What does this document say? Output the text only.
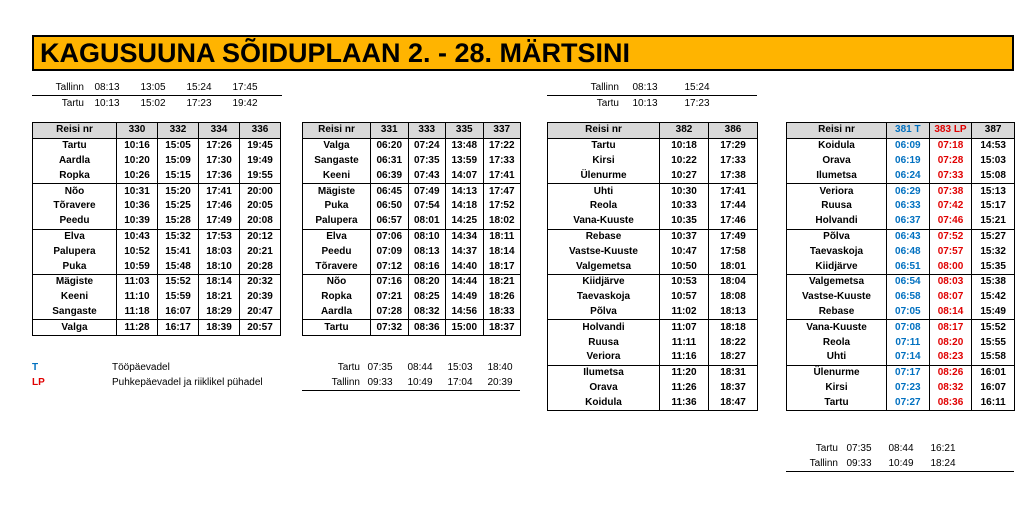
KAGUSUUNA SÕIDUPLAAN 2. - 28. MÄRTSINI
Tallinn	08:13	13:05	15:24	17:45
Tartu	10:13	15:02	17:23	19:42
Tallinn	08:13	15:24
Tartu	10:13	17:23
Reisi nr	330	332	334	336
Tartu	10:16	15:05	17:26	19:45
Aardla	10:20	15:09	17:30	19:49
Ropka	10:26	15:15	17:36	19:55
Nõo	10:31	15:20	17:41	20:00
Tõravere	10:36	15:25	17:46	20:05
Peedu	10:39	15:28	17:49	20:08
Elva	10:43	15:32	17:53	20:12
Palupera	10:52	15:41	18:03	20:21
Puka	10:59	15:48	18:10	20:28
Mägiste	11:03	15:52	18:14	20:32
Keeni	11:10	15:59	18:21	20:39
Sangaste	11:18	16:07	18:29	20:47
Valga	11:28	16:17	18:39	20:57
Reisi nr	331	333	335	337
Valga	06:20	07:24	13:48	17:22
Sangaste	06:31	07:35	13:59	17:33
Keeni	06:39	07:43	14:07	17:41
Mägiste	06:45	07:49	14:13	17:47
Puka	06:50	07:54	14:18	17:52
Palupera	06:57	08:01	14:25	18:02
Elva	07:06	08:10	14:34	18:11
Peedu	07:09	08:13	14:37	18:14
Tõravere	07:12	08:16	14:40	18:17
Nõo	07:16	08:20	14:44	18:21
Ropka	07:21	08:25	14:49	18:26
Aardla	07:28	08:32	14:56	18:33
Tartu	07:32	08:36	15:00	18:37
Reisi nr	382	386
Tartu	10:18	17:29
Kirsi	10:22	17:33
Ülenurme	10:27	17:38
Uhti	10:30	17:41
Reola	10:33	17:44
Vana-Kuuste	10:35	17:46
Rebase	10:37	17:49
Vastse-Kuuste	10:47	17:58
Valgemetsa	10:50	18:01
Kiidjärve	10:53	18:04
Taevaskoja	10:57	18:08
Põlva	11:02	18:13
Holvandi	11:07	18:18
Ruusa	11:11	18:22
Veriora	11:16	18:27
Ilumetsa	11:20	18:31
Orava	11:26	18:37
Koidula	11:36	18:47
Reisi nr	381 T	383 LP	387
Koidula	06:09	07:18	14:53
Orava	06:19	07:28	15:03
Ilumetsa	06:24	07:33	15:08
Veriora	06:29	07:38	15:13
Ruusa	06:33	07:42	15:17
Holvandi	06:37	07:46	15:21
Põlva	06:43	07:52	15:27
Taevaskoja	06:48	07:57	15:32
Kiidjärve	06:51	08:00	15:35
Valgemetsa	06:54	08:03	15:38
Vastse-Kuuste	06:58	08:07	15:42
Rebase	07:05	08:14	15:49
Vana-Kuuste	07:08	08:17	15:52
Reola	07:11	08:20	15:55
Uhti	07:14	08:23	15:58
Ülenurme	07:17	08:26	16:01
Kirsi	07:23	08:32	16:07
Tartu	07:27	08:36	16:11
T	Tööpäevadel
LP	Puhkepäevadel ja riiklikel pühadel
Tartu 07:35	08:44	15:03	18:40
Tallinn 09:33	10:49	17:04	20:39
Tartu 07:35	08:44	16:21
Tallinn 09:33	10:49	18:24
